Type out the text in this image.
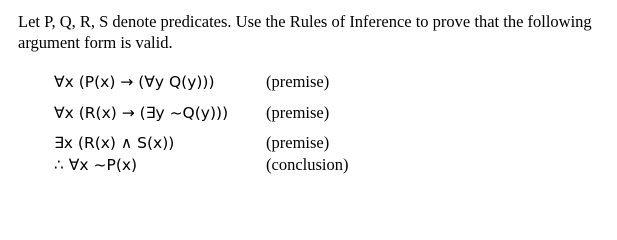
Let P, Q, R, S denote predicates. Use the Rules of Inference to prove that the following argument form is valid.

∀x (P(x) → (∀y Q(y)))	(premise)
∀x (R(x) → (∃y ~Q(y))) (premise)
∃x (R(x) ∧ S(x))	(premise)
∴ ∀x ~P(x)	(conclusion)
